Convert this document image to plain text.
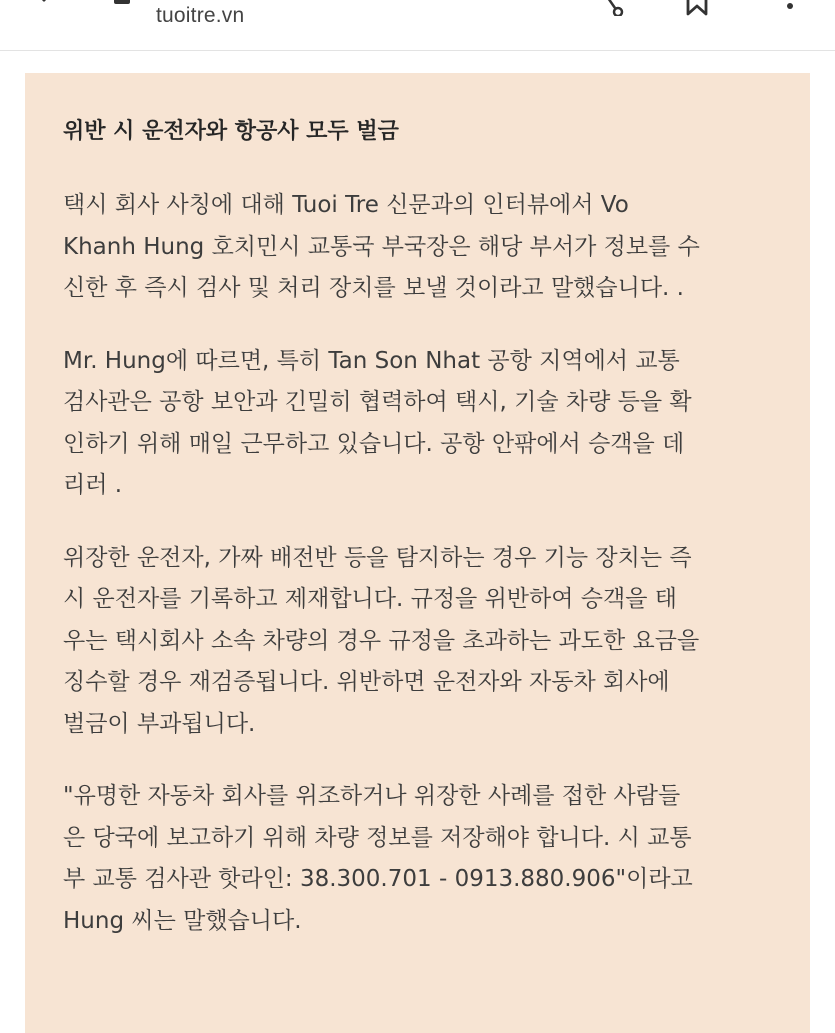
tuoitre.vn
위반 시 운전자와 항공사 모두 벌금

택시 회사 사칭에 대해 Tuoi Tre 신문과의 인터뷰에서 Vo
Khanh Hung 호치민시 교통국 부국장은 해당 부서가 정보를 수
신한 후 즉시 검사 및 처리 장치를 보낼 것이라고 말했습니다. .

Mr. Hung에 따르면, 특히 Tan Son Nhat 공항 지역에서 교통
검사관은 공항 보안과 긴밀히 협력하여 택시, 기술 차량 등을 확
인하기 위해 매일 근무하고 있습니다. 공항 안팎에서 승객을 데
리러 .

위장한 운전자, 가짜 배전반 등을 탐지하는 경우 기능 장치는 즉
시 운전자를 기록하고 제재합니다. 규정을 위반하여 승객을 태
우는 택시회사 소속 차량의 경우 규정을 초과하는 과도한 요금을
징수할 경우 재검증됩니다. 위반하면 운전자와 자동차 회사에
벌금이 부과됩니다.

"유명한 자동차 회사를 위조하거나 위장한 사례를 접한 사람들
은 당국에 보고하기 위해 차량 정보를 저장해야 합니다. 시 교통
부 교통 검사관 핫라인: 38.300.701 - 0913.880.906"이라고
Hung 씨는 말했습니다.
